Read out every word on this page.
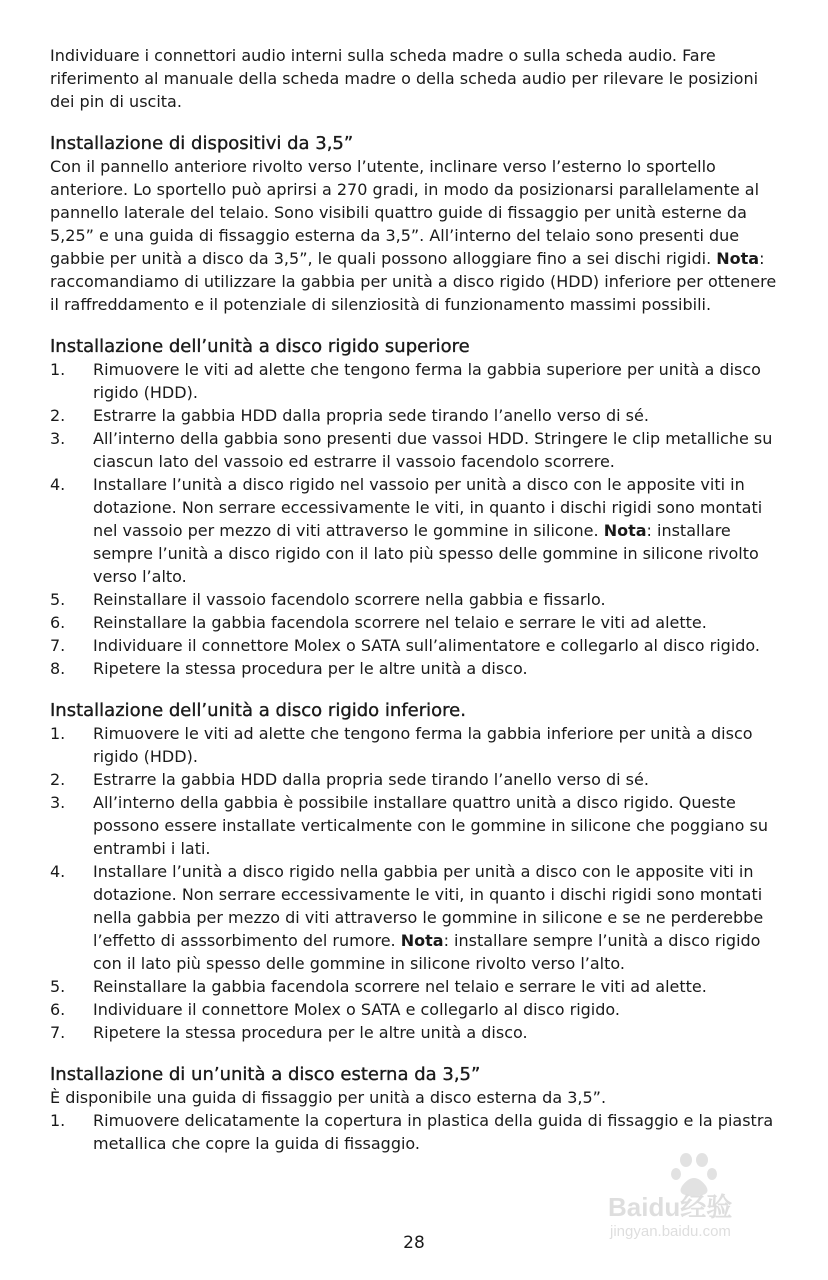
Individuare i connettori audio interni sulla scheda madre o sulla scheda audio. Fare riferimento al manuale della scheda madre o della scheda audio per rilevare le posizioni dei pin di uscita.

Installazione di dispositivi da 3,5”

Con il pannello anteriore rivolto verso l’utente, inclinare verso l’esterno lo sportello anteriore. Lo sportello può aprirsi a 270 gradi, in modo da posizionarsi parallelamente al pannello laterale del telaio. Sono visibili quattro guide di fissaggio per unità esterne da 5,25” e una guida di fissaggio esterna da 3,5”. All’interno del telaio sono presenti due gabbie per unità a disco da 3,5”, le quali possono alloggiare fino a sei dischi rigidi. Nota: raccomandiamo di utilizzare la gabbia per unità a disco rigido (HDD) inferiore per ottenere il raffreddamento e il potenziale di silenziosità di funzionamento massimi possibili.

Installazione dell’unità a disco rigido superiore
1. Rimuovere le viti ad alette che tengono ferma la gabbia superiore per unità a disco rigido (HDD).
2. Estrarre la gabbia HDD dalla propria sede tirando l’anello verso di sé.
3. All’interno della gabbia sono presenti due vassoi HDD. Stringere le clip metalliche su ciascun lato del vassoio ed estrarre il vassoio facendolo scorrere.
4. Installare l’unità a disco rigido nel vassoio per unità a disco con le apposite viti in dotazione. Non serrare eccessivamente le viti, in quanto i dischi rigidi sono montati nel vassoio per mezzo di viti attraverso le gommine in silicone. Nota: installare sempre l’unità a disco rigido con il lato più spesso delle gommine in silicone rivolto verso l’alto.
5. Reinstallare il vassoio facendolo scorrere nella gabbia e fissarlo.
6. Reinstallare la gabbia facendola scorrere nel telaio e serrare le viti ad alette.
7. Individuare il connettore Molex o SATA sull’alimentatore e collegarlo al disco rigido.
8. Ripetere la stessa procedura per le altre unità a disco.
Installazione dell’unità a disco rigido inferiore.
1. Rimuovere le viti ad alette che tengono ferma la gabbia inferiore per unità a disco rigido (HDD).
2. Estrarre la gabbia HDD dalla propria sede tirando l’anello verso di sé.
3. All’interno della gabbia è possibile installare quattro unità a disco rigido. Queste possono essere installate verticalmente con le gommine in silicone che poggiano su entrambi i lati.
4. Installare l’unità a disco rigido nella gabbia per unità a disco con le apposite viti in dotazione. Non serrare eccessivamente le viti, in quanto i dischi rigidi sono montati nella gabbia per mezzo di viti attraverso le gommine in silicone e se ne perderebbe l’effetto di asssorbimento del rumore. Nota: installare sempre l’unità a disco rigido con il lato più spesso delle gommine in silicone rivolto verso l’alto.
5. Reinstallare la gabbia facendola scorrere nel telaio e serrare le viti ad alette.
6. Individuare il connettore Molex o SATA e collegarlo al disco rigido.
7. Ripetere la stessa procedura per le altre unità a disco.
Installazione di un’unità a disco esterna da 3,5”

È disponibile una guida di fissaggio per unità a disco esterna da 3,5”.

1. Rimuovere delicatamente la copertura in plastica della guida di fissaggio e la piastra metallica che copre la guida di fissaggio.
28
Baidu经验
jingyan.baidu.com
